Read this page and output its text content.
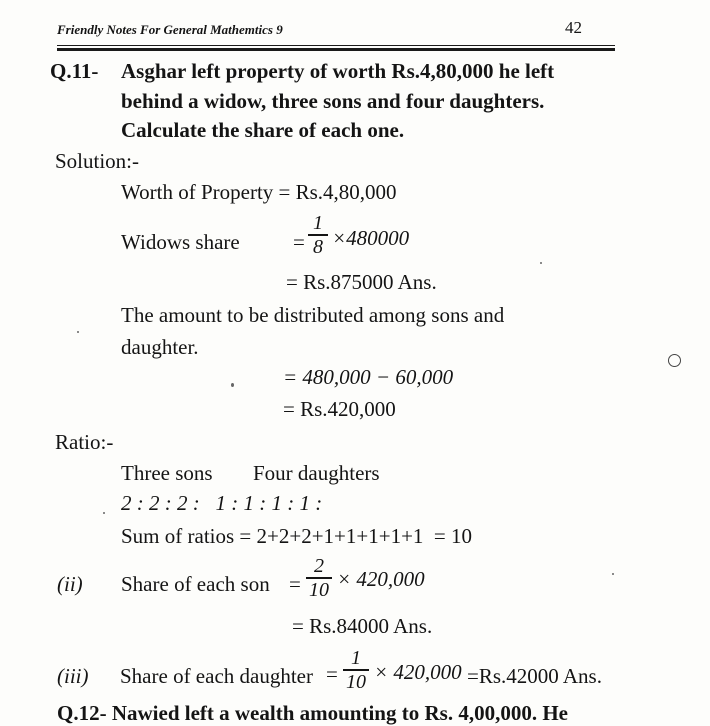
Friendly Notes For General Mathemtics 9	42
Q.11- Asghar left property of worth Rs.4,80,000 he left
behind a widow, three sons and four daughters.
Calculate the share of each one.
Solution:-
Worth of Property = Rs.4,80,000
Widows share	=
1
8 ×480000
= Rs.875000 Ans.
The amount to be distributed among sons and
daughter.
= 480,000 − 60,000
= Rs.420,000
Ratio:-
Three sons Four daughters
2 : 2 : 2 :   1 : 1 : 1 : 1 :
Sum of ratios = 2+2+2+1+1+1+1+1  = 10
(ii) Share of each son =
2
10 × 420,000
= Rs.84000 Ans.
(iii) Share of each daughter =
1
10 × 420,000 =Rs.42000 Ans.
Q.12- Nawied left a wealth amounting to Rs. 4,00,000. He
